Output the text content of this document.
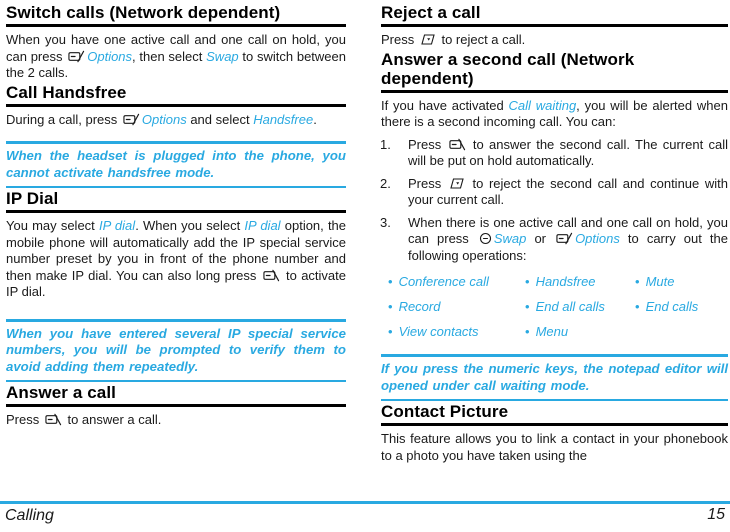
Switch calls (Network dependent)

When you have one active call and one call on hold, you can press Options, then select Swap to switch between the 2 calls.

Call Handsfree

During a call, press Options and select Handsfree.

When the headset is plugged into the phone, you cannot activate handsfree mode.
IP Dial

You may select IP dial. When you select IP dial option, the mobile phone will automatically add the IP special service number preset by you in front of the phone number and then make IP dial. You can also long press  to activate IP dial.

When you have entered several IP special service numbers, you will be prompted to verify them to avoid adding them repeatedly.
Answer a call

Press  to answer a call.

Reject a call

Press  to reject a call.

Answer a second call (Network dependent)

If you have activated Call waiting, you will be alerted when there is a second incoming call. You can:

1. Press  to answer the second call. The current call will be put on hold automatically.
2. Press  to reject the second call and continue with your current call.
3. When there is one active call and one call on hold, you can press Swap or Options to carry out the following operations:
• Conference call	• Handsfree	• Mute
• Record	• End all calls	• End calls
• View contacts	• Menu
If you press the numeric keys, the notepad editor will opened under call waiting mode.
Contact Picture

This feature allows you to link a contact in your phonebook to a photo you have taken using the

Calling	15
